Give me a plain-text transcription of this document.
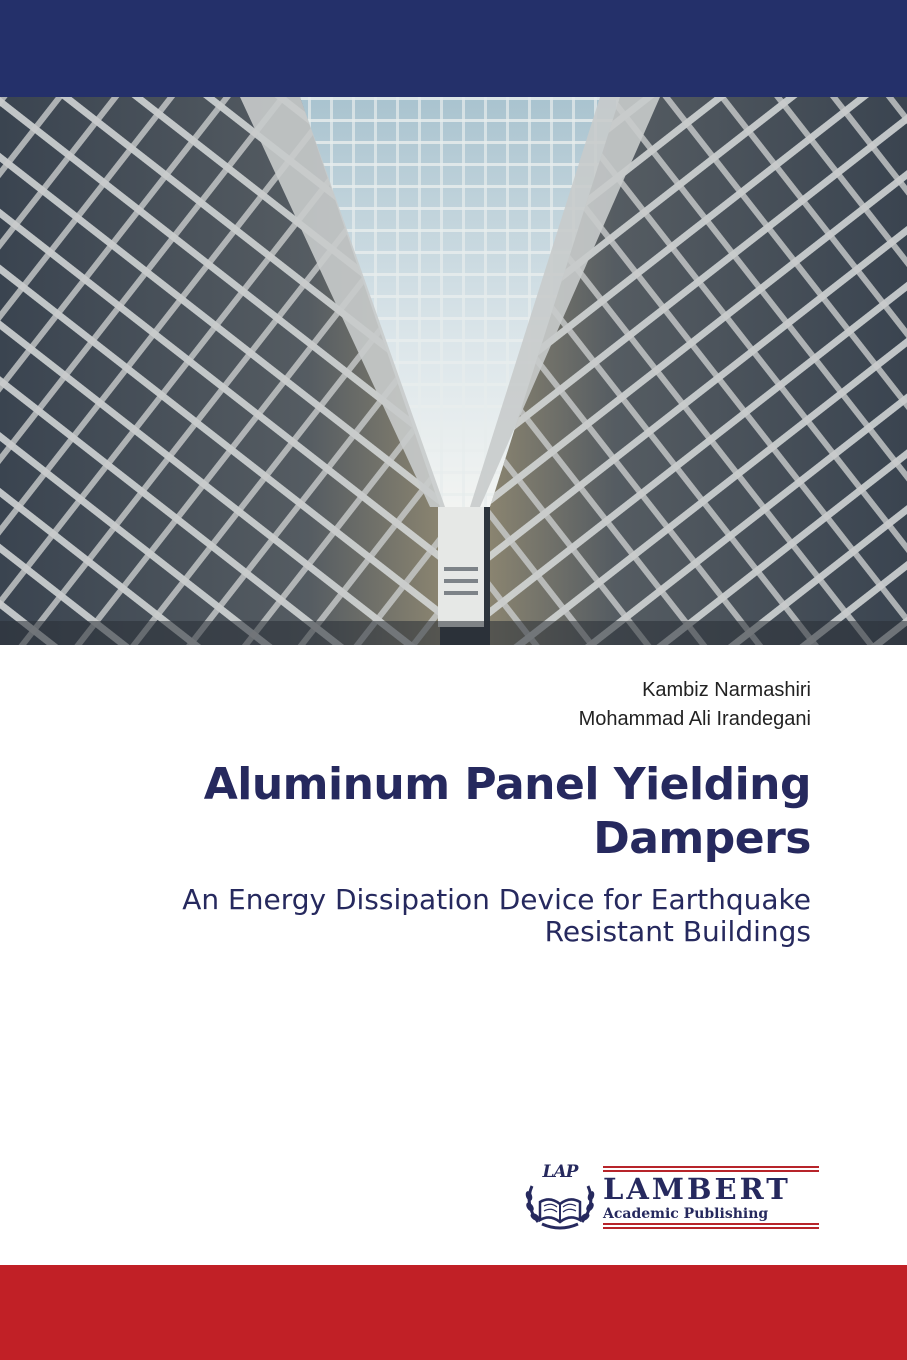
Kambiz Narmashiri
Mohammad Ali Irandegani
Aluminum Panel Yielding Dampers
An Energy Dissipation Device for Earthquake Resistant Buildings
LAP LAMBERT
Academic Publishing
